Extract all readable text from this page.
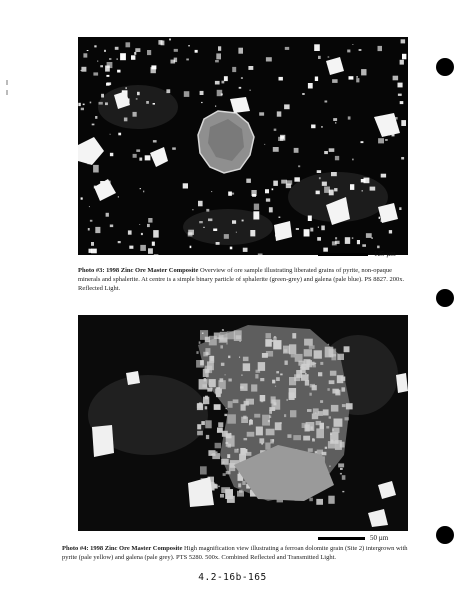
125 µm
Photo #3: 1998 Zinc Ore Master Composite Overview of ore sample illustrating liberated grains of pyrite, non-opaque minerals and sphalerite. At centre is a simple binary particle of sphalerite (green-grey) and galena (pale blue). PS 8827. 200x. Reflected Light.
50 µm
Photo #4: 1998 Zinc Ore Master Composite High magnification view illustrating a ferroan dolomite grain (Site 2) intergrown with pyrite (pale yellow) and galena (pale grey). PTS 5280. 500x. Combined Reflected and Transmitted Light.
4.2-16b-165
